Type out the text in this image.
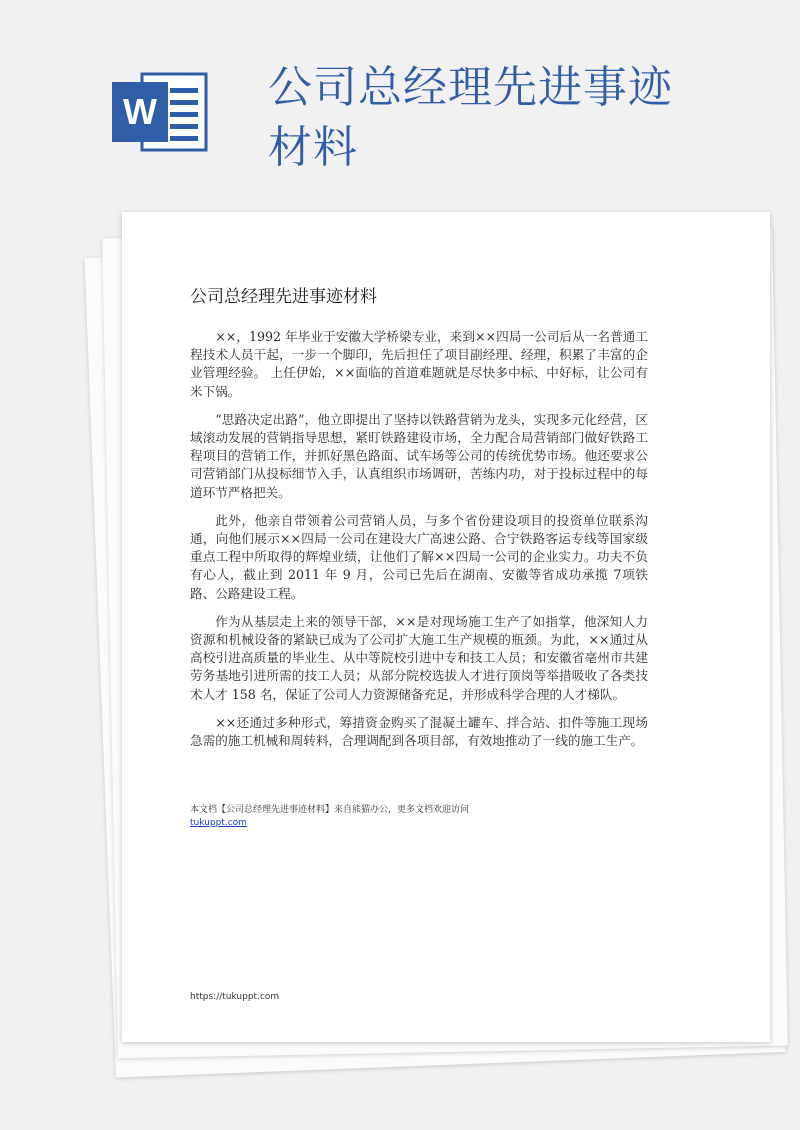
W	公司总经理先进事迹材料
公司总经理先进事迹材料

××，1992 年毕业于安徽大学桥梁专业，来到××四局一公司后从一名普通工程技术人员干起，一步一个脚印，先后担任了项目副经理、经理，积累了丰富的企业管理经验。 上任伊始，××面临的首道难题就是尽快多中标、中好标，让公司有米下锅。

“思路决定出路”，他立即提出了坚持以铁路营销为龙头，实现多元化经营，区域滚动发展的营销指导思想，紧盯铁路建设市场，全力配合局营销部门做好铁路工程项目的营销工作，并抓好黑色路面、试车场等公司的传统优势市场。他还要求公司营销部门从投标细节入手，认真组织市场调研，苦练内功，对于投标过程中的每道环节严格把关。

此外，他亲自带领着公司营销人员，与多个省份建设项目的投资单位联系沟通，向他们展示××四局一公司在建设大广高速公路、合宁铁路客运专线等国家级重点工程中所取得的辉煌业绩，让他们了解××四局一公司的企业实力。功夫不负有心人，截止到 2011 年 9 月，公司已先后在湖南、安徽等省成功承揽 7项铁路、公路建设工程。

作为从基层走上来的领导干部，××是对现场施工生产了如指掌，他深知人力资源和机械设备的紧缺已成为了公司扩大施工生产规模的瓶颈。为此，××通过从高校引进高质量的毕业生、从中等院校引进中专和技工人员；和安徽省亳州市共建劳务基地引进所需的技工人员；从部分院校选拔人才进行顶岗等举措吸收了各类技术人才 158 名，保证了公司人力资源储备充足，并形成科学合理的人才梯队。

××还通过多种形式，筹措资金购买了混凝土罐车、拌合站、扣件等施工现场急需的施工机械和周转料，合理调配到各项目部，有效地推动了一线的施工生产。

本文档【公司总经理先进事迹材料】来自熊猫办公，更多文档欢迎访问
tukuppt.com
https://tukuppt.com
